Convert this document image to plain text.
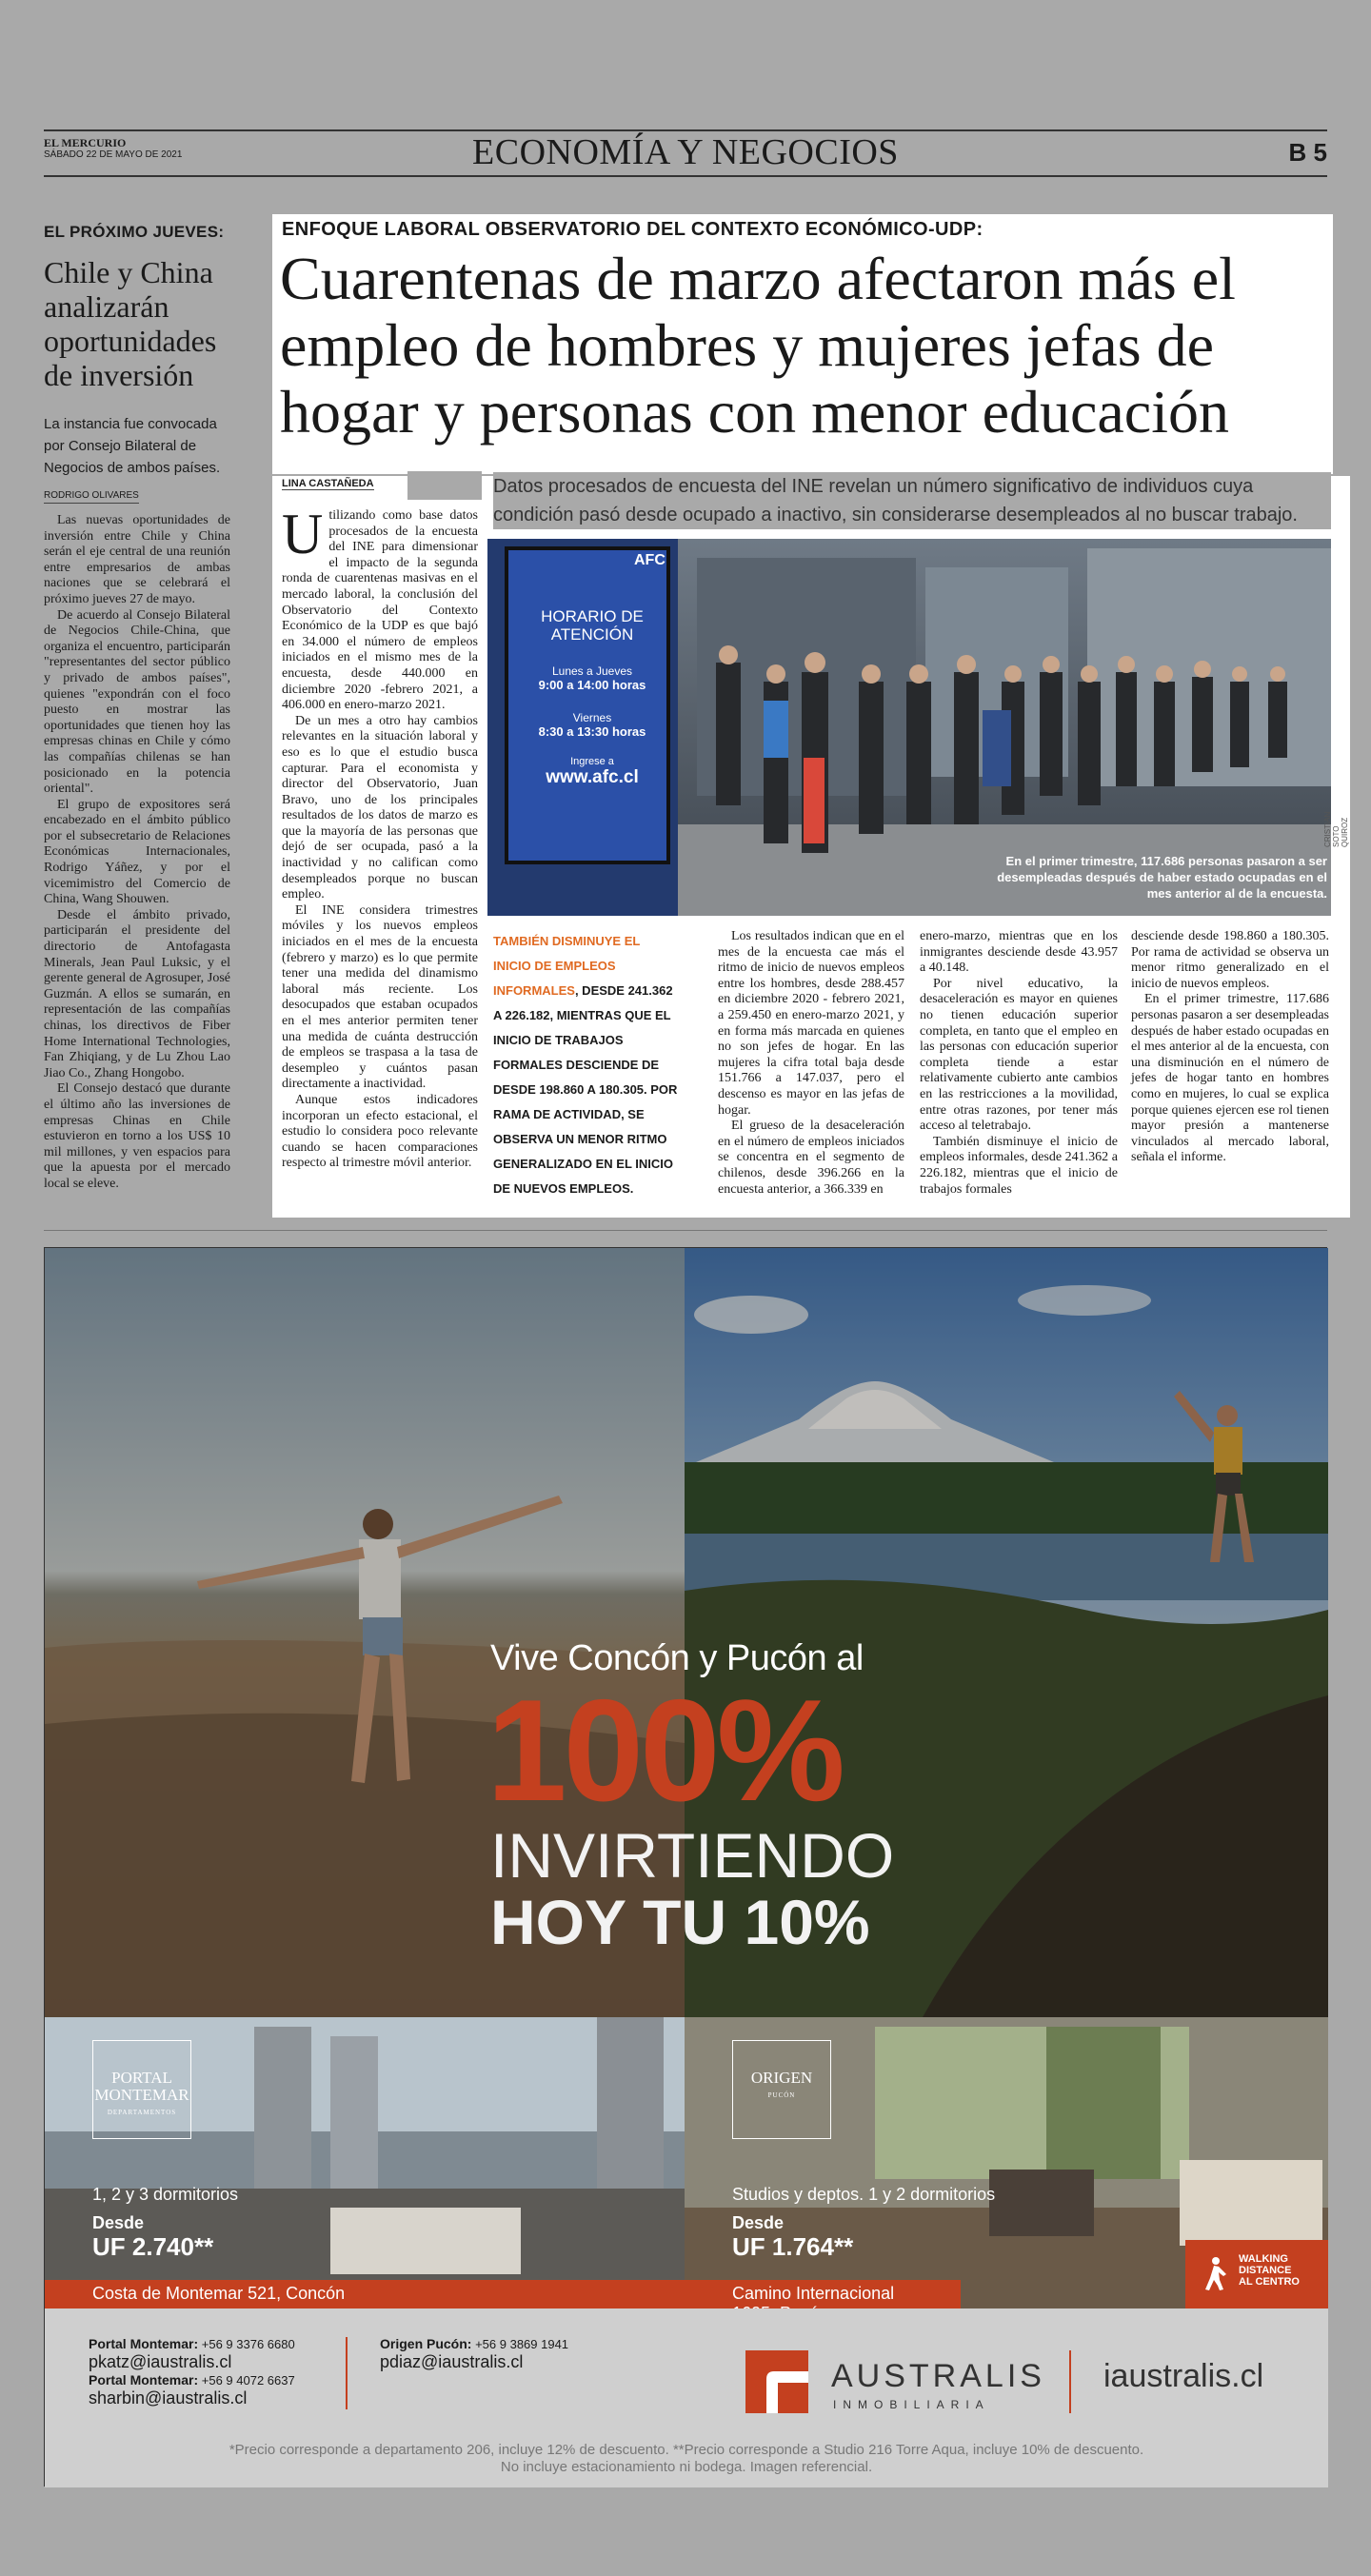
EL MERCURIO
SÁBADO 22 DE MAYO DE 2021	ECONOMÍA Y NEGOCIOS	B 5
EL PRÓXIMO JUEVES:
Chile y China analizarán oportunidades de inversión
La instancia fue convocada por Consejo Bilateral de Negocios de ambos países.
RODRIGO OLIVARES

Las nuevas oportunidades de inversión entre Chile y China serán el eje central de una reunión entre empresarios de ambas naciones que se celebrará el próximo jueves 27 de mayo.

De acuerdo al Consejo Bilateral de Negocios Chile-China, que organiza el encuentro, participarán "representantes del sector público y privado de ambos países", quienes "expondrán con el foco puesto en mostrar las oportunidades que tienen hoy las empresas chinas en Chile y cómo las compañías chilenas se han posicionado en la potencia oriental".

El grupo de expositores será encabezado en el ámbito público por el subsecretario de Relaciones Económicas Internacionales, Rodrigo Yáñez, y por el vicemimistro del Comercio de China, Wang Shouwen.

Desde el ámbito privado, participarán el presidente del directorio de Antofagasta Minerals, Jean Paul Luksic, y el gerente general de Agrosuper, José Guzmán. A ellos se sumarán, en representación de las compañías chinas, los directivos de Fiber Home International Technologies, Fan Zhiqiang, y de Lu Zhou Lao Jiao Co., Zhang Hongobo.

El Consejo destacó que durante el último año las inversiones de empresas Chinas en Chile estuvieron en torno a los US$ 10 mil millones, y ven espacios para que la apuesta por el mercado local se eleve.

ENFOQUE LABORAL OBSERVATORIO DEL CONTEXTO ECONÓMICO-UDP:
Cuarentenas de marzo afectaron más el empleo de hombres y mujeres jefas de hogar y personas con menor educación
LINA CASTAÑEDA	Datos procesados de encuesta del INE revelan un número significativo de individuos cuya condición pasó desde ocupado a inactivo, sin considerarse desempleados al no buscar trabajo.

Utilizando como base datos procesados de la encuesta del INE para dimensionar el impacto de la segunda ronda de cuarentenas masivas en el mercado laboral, la conclusión del Observatorio del Contexto Económico de la UDP es que bajó en 34.000 el número de empleos iniciados en el mismo mes de la encuesta, desde 440.000 en diciembre 2020 -febrero 2021, a 406.000 en enero-marzo 2021.

De un mes a otro hay cambios relevantes en la situación laboral y eso es lo que el estudio busca capturar. Para el economista y director del Observatorio, Juan Bravo, uno de los principales resultados de los datos de marzo es que la mayoría de las personas que dejó de ser ocupada, pasó a la inactividad y no califican como desempleados porque no buscan empleo.

El INE considera trimestres móviles y los nuevos empleos iniciados en el mes de la encuesta (febrero y marzo) es lo que permite tener una medida del dinamismo laboral más reciente. Los desocupados que estaban ocupados en el mes anterior permiten tener una medida de cuánta destrucción de empleos se traspasa a la tasa de desempleo y cuántos pasan directamente a inactividad.

Aunque estos indicadores incorporan un efecto estacional, el estudio lo considera poco relevante cuando se hacen comparaciones respecto al trimestre móvil anterior.

HORARIO DE ATENCIÓN
Lunes a Jueves
9:00 a 14:00 horas
Viernes
8:30 a 13:30 horas
Ingrese a
www.afc.cl
AFC
En el primer trimestre, 117.686 personas pasaron a ser desempleadas después de haber estado ocupadas en el mes anterior al de la encuesta.
CRISTIAN SOTO QUIROZ
TAMBIÉN DISMINUYE EL INICIO DE EMPLEOS INFORMALES, DESDE 241.362 A 226.182, MIENTRAS QUE EL INICIO DE TRABAJOS FORMALES DESCIENDE DE DESDE 198.860 A 180.305. POR RAMA DE ACTIVIDAD, SE OBSERVA UN MENOR RITMO GENERALIZADO EN EL INICIO DE NUEVOS EMPLEOS.

Los resultados indican que en el mes de la encuesta cae más el ritmo de inicio de nuevos empleos entre los hombres, desde 288.457 en diciembre 2020 - febrero 2021, a 259.450 en enero-marzo 2021, y en forma más marcada en quienes no son jefes de hogar. En las mujeres la cifra total baja desde 151.766 a 147.037, pero el descenso es mayor en las jefas de hogar.

El grueso de la desaceleración en el número de empleos iniciados se concentra en el segmento de chilenos, desde 396.266 en la encuesta anterior, a 366.339 en

enero-marzo, mientras que en los inmigrantes desciende desde 43.957 a 40.148.

Por nivel educativo, la desaceleración es mayor en quienes no tienen educación superior completa, en tanto que el empleo en las personas con educación superior completa tiende a estar relativamente cubierto ante cambios en las restricciones a la movilidad, entre otras razones, por tener más acceso al teletrabajo.

También disminuye el inicio de empleos informales, desde 241.362 a 226.182, mientras que el inicio de trabajos formales

desciende desde 198.860 a 180.305. Por rama de actividad se observa un menor ritmo generalizado en el inicio de nuevos empleos.

En el primer trimestre, 117.686 personas pasaron a ser desempleadas después de haber estado ocupadas en el mes anterior al de la encuesta, con una disminución en el número de jefes de hogar tanto en hombres como en mujeres, lo cual se explica porque quienes ejercen ese rol tienen mayor presión a mantenerse vinculados al mercado laboral, señala el informe.

Vive Concón y Pucón al
100%
INVIRTIENDO
HOY TU 10%
PORTAL
MONTEMAR
DEPARTAMENTOS
1, 2 y 3 dormitorios
Desde
UF 2.740**
Costa de Montemar 521, Concón
ORIGEN
PUCÓN
Studios y deptos. 1 y 2 dormitorios
Desde
UF 1.764**
Camino Internacional
WALKING
DISTANCE
AL CENTRO
Portal Montemar: +56 9 3376 6680
pkatz@iaustralis.cl
Portal Montemar: +56 9 4072 6637
sharbin@iaustralis.cl
Origen Pucón: +56 9 3869 1941
pdiaz@iaustralis.cl	AUSTRALIS
INMOBILIARIA
iaustralis.cl
*Precio corresponde a departamento 206, incluye 12% de descuento. **Precio corresponde a Studio 216 Torre Aqua, incluye 10% de descuento.
No incluye estacionamiento ni bodega. Imagen referencial.
